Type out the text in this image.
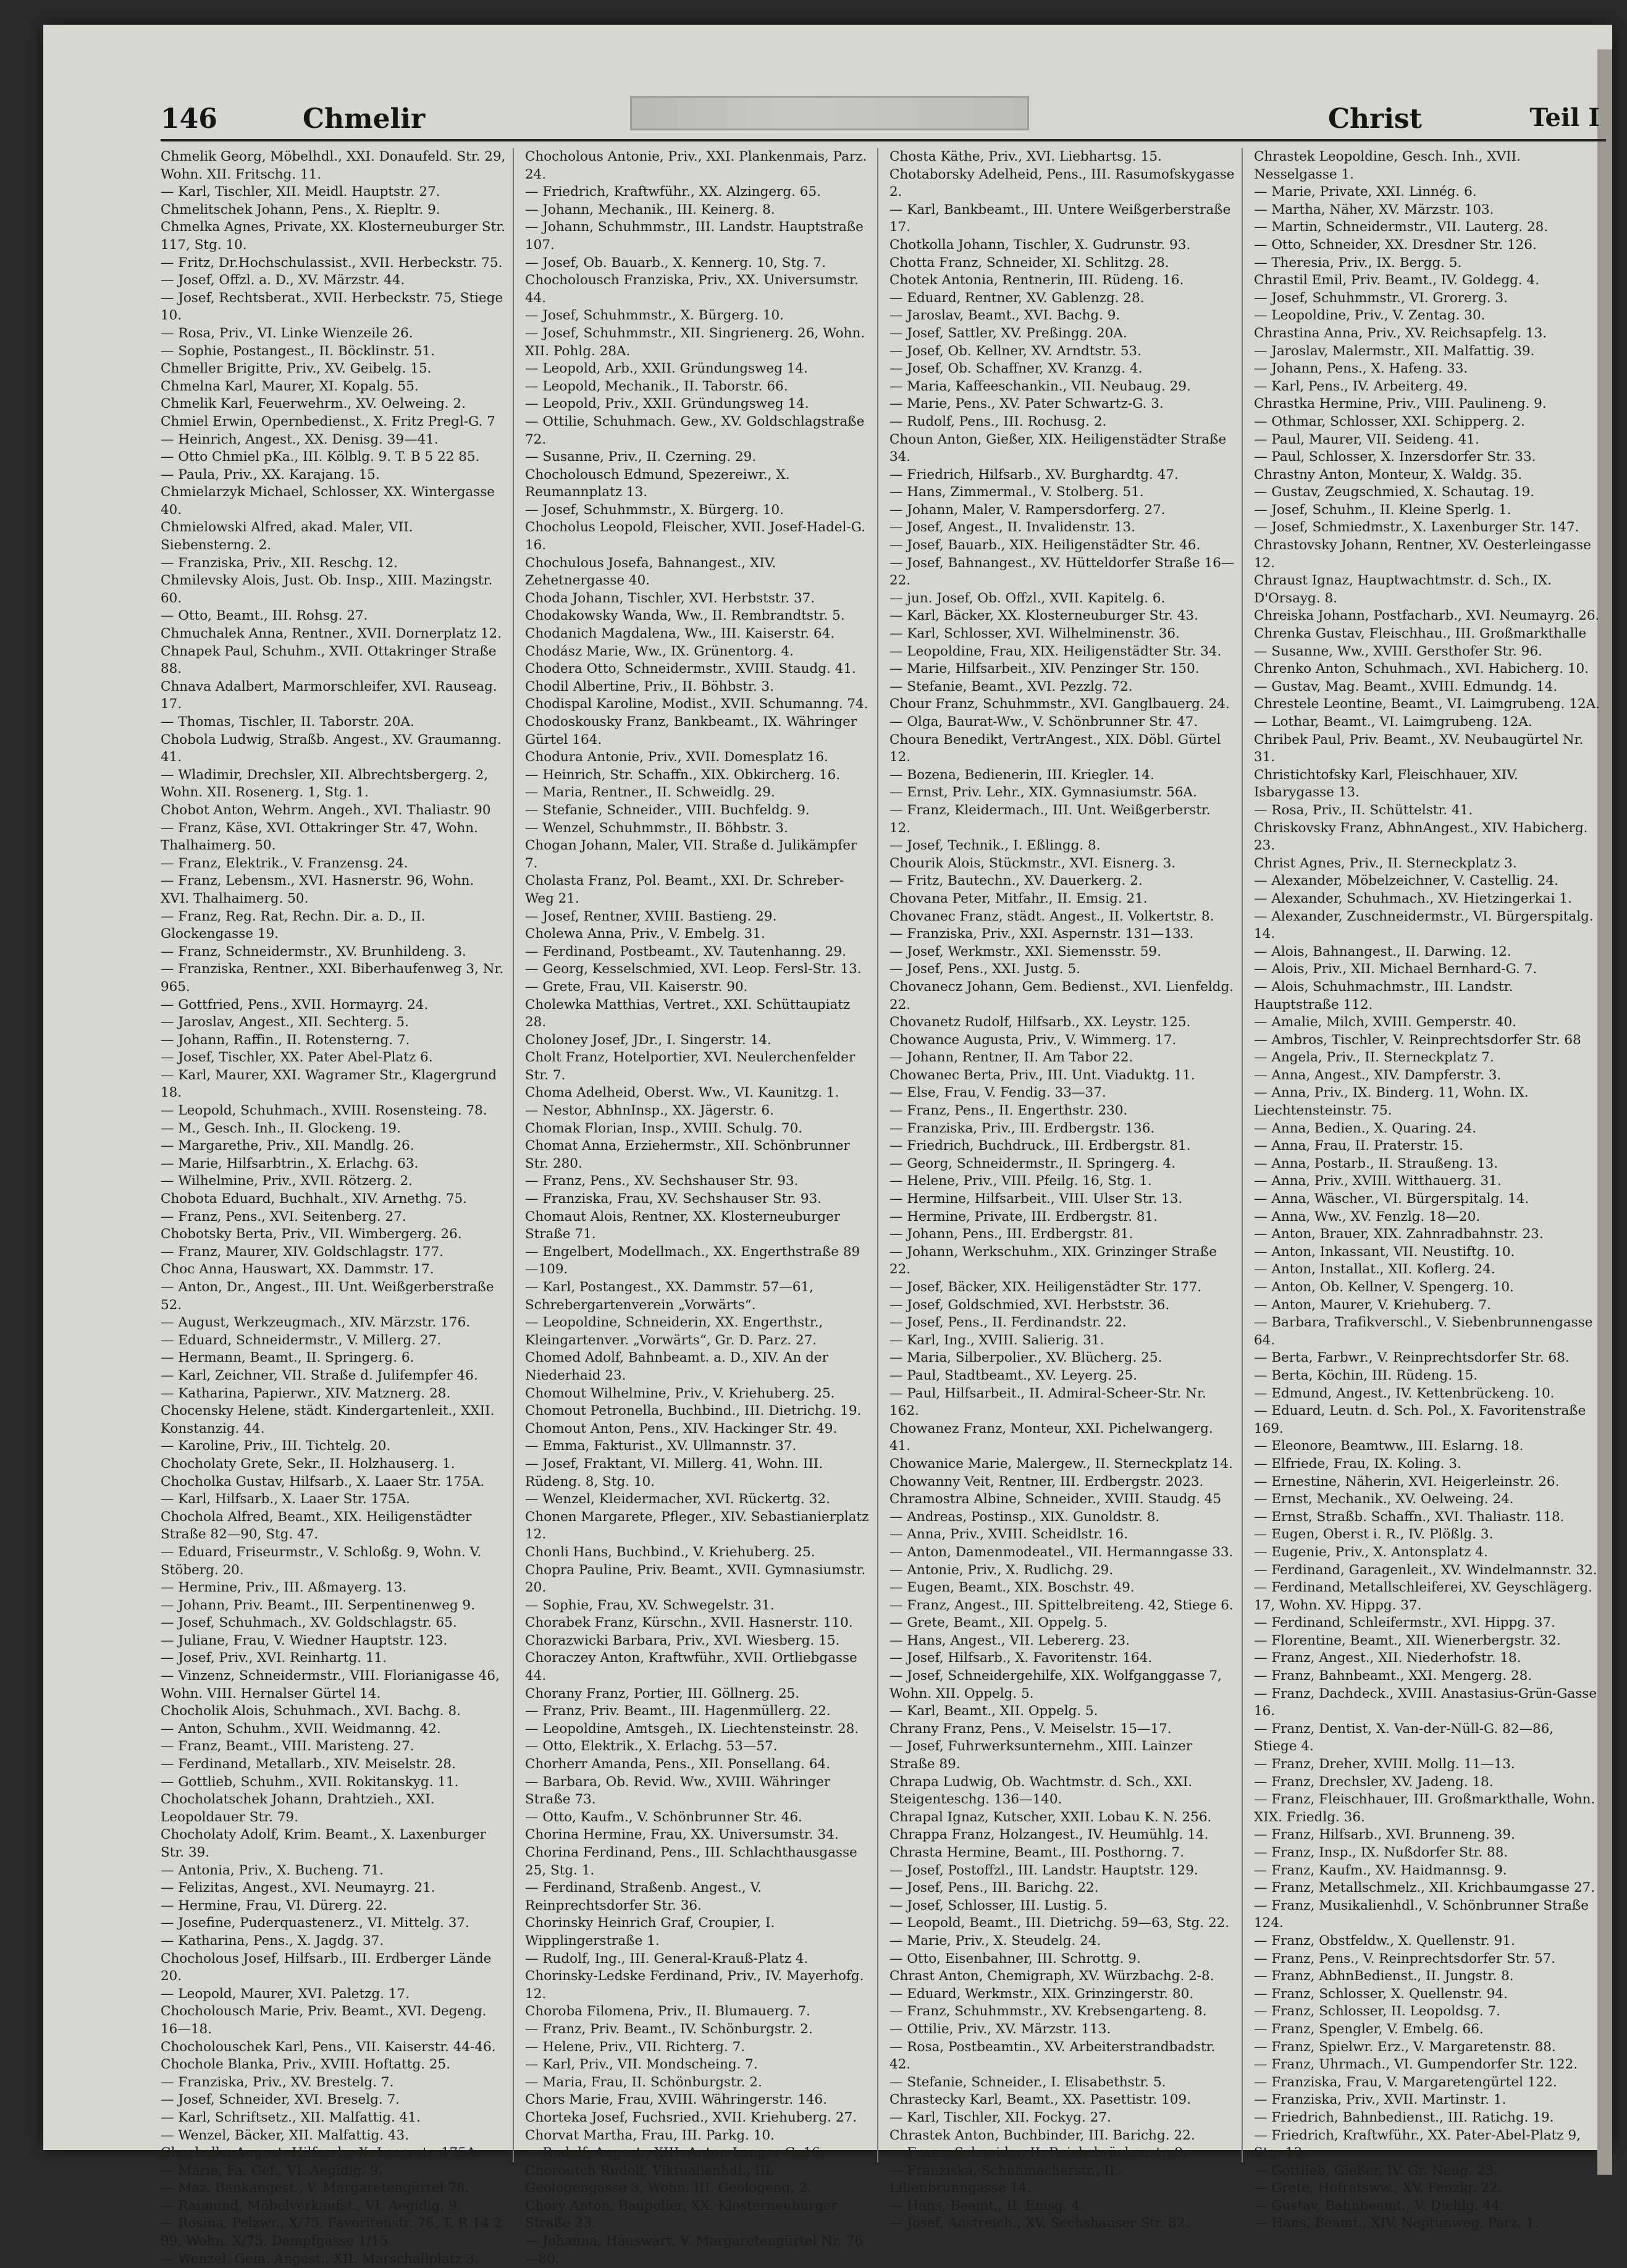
146	Chmelir	Christ	Teil I

Chmelik Georg, Möbelhdl., XXI. Donaufeld. Str. 29, Wohn. XII. Fritschg. 11.

— Karl, Tischler, XII. Meidl. Hauptstr. 27.

Chmelitschek Johann, Pens., X. Riepltr. 9.

Chmelka Agnes, Private, XX. Klosterneuburger Str. 117, Stg. 10.

— Fritz, Dr.Hochschulassist., XVII. Herbeckstr. 75.

— Josef, Offzl. a. D., XV. Märzstr. 44.

— Josef, Rechtsberat., XVII. Herbeckstr. 75, Stiege 10.

— Rosa, Priv., VI. Linke Wienzeile 26.

— Sophie, Postangest., II. Böcklinstr. 51.

Chmeller Brigitte, Priv., XV. Geibelg. 15.

Chmelna Karl, Maurer, XI. Kopalg. 55.

Chmelik Karl, Feuerwehrm., XV. Oelweing. 2.

Chmiel Erwin, Opernbedienst., X. Fritz Pregl-G. 7

— Heinrich, Angest., XX. Denisg. 39—41.

— Otto Chmiel pKa., III. Kölblg. 9. T. B 5 22 85.

— Paula, Priv., XX. Karajang. 15.

Chmielarzyk Michael, Schlosser, XX. Wintergasse 40.

Chmielowski Alfred, akad. Maler, VII. Siebensterng. 2.

— Franziska, Priv., XII. Reschg. 12.

Chmilevsky Alois, Just. Ob. Insp., XIII. Mazingstr. 60.

— Otto, Beamt., III. Rohsg. 27.

Chmuchalek Anna, Rentner., XVII. Dornerplatz 12.

Chnapek Paul, Schuhm., XVII. Ottakringer Straße 88.

Chnava Adalbert, Marmorschleifer, XVI. Rauseag. 17.

— Thomas, Tischler, II. Taborstr. 20A.

Chobola Ludwig, Straßb. Angest., XV. Graumanng. 41.

— Wladimir, Drechsler, XII. Albrechtsbergerg. 2, Wohn. XII. Rosenerg. 1, Stg. 1.

Chobot Anton, Wehrm. Angeh., XVI. Thaliastr. 90

— Franz, Käse, XVI. Ottakringer Str. 47, Wohn. Thalhaimerg. 50.

— Franz, Elektrik., V. Franzensg. 24.

— Franz, Lebensm., XVI. Hasnerstr. 96, Wohn. XVI. Thalhaimerg. 50.

— Franz, Reg. Rat, Rechn. Dir. a. D., II. Glockengasse 19.

— Franz, Schneidermstr., XV. Brunhildeng. 3.

— Franziska, Rentner., XXI. Biberhaufenweg 3, Nr. 965.

— Gottfried, Pens., XVII. Hormayrg. 24.

— Jaroslav, Angest., XII. Sechterg. 5.

— Johann, Raffin., II. Rotensterng. 7.

— Josef, Tischler, XX. Pater Abel-Platz 6.

— Karl, Maurer, XXI. Wagramer Str., Klagergrund 18.

— Leopold, Schuhmach., XVIII. Rosensteing. 78.

— M., Gesch. Inh., II. Glockeng. 19.

— Margarethe, Priv., XII. Mandlg. 26.

— Marie, Hilfsarbtrin., X. Erlachg. 63.

— Wilhelmine, Priv., XVII. Rötzerg. 2.

Chobota Eduard, Buchhalt., XIV. Arnethg. 75.

— Franz, Pens., XVI. Seitenberg. 27.

Chobotsky Berta, Priv., VII. Wimbergerg. 26.

— Franz, Maurer, XIV. Goldschlagstr. 177.

Choc Anna, Hauswart, XX. Dammstr. 17.

— Anton, Dr., Angest., III. Unt. Weißgerberstraße 52.

— August, Werkzeugmach., XIV. Märzstr. 176.

— Eduard, Schneidermstr., V. Millerg. 27.

— Hermann, Beamt., II. Springerg. 6.

— Karl, Zeichner, VII. Straße d. Julifempfer 46.

— Katharina, Papierwr., XIV. Matznerg. 28.

Chocensky Helene, städt. Kindergartenleit., XXII. Konstanzig. 44.

— Karoline, Priv., III. Tichtelg. 20.

Chocholaty Grete, Sekr., II. Holzhauserg. 1.

Chocholka Gustav, Hilfsarb., X. Laaer Str. 175A.

— Karl, Hilfsarb., X. Laaer Str. 175A.

Chochola Alfred, Beamt., XIX. Heiligenstädter Straße 82—90, Stg. 47.

— Eduard, Friseurmstr., V. Schloßg. 9, Wohn. V. Stöberg. 20.

— Hermine, Priv., III. Aßmayerg. 13.

— Johann, Priv. Beamt., III. Serpentinenweg 9.

— Josef, Schuhmach., XV. Goldschlagstr. 65.

— Juliane, Frau, V. Wiedner Hauptstr. 123.

— Josef, Priv., XVI. Reinhartg. 11.

— Vinzenz, Schneidermstr., VIII. Florianigasse 46, Wohn. VIII. Hernalser Gürtel 14.

Chocholik Alois, Schuhmach., XVI. Bachg. 8.

— Anton, Schuhm., XVII. Weidmanng. 42.

— Franz, Beamt., VIII. Maristeng. 27.

— Ferdinand, Metallarb., XIV. Meiselstr. 28.

— Gottlieb, Schuhm., XVII. Rokitanskyg. 11.

Chocholatschek Johann, Drahtzieh., XXI. Leopoldauer Str. 79.

Chocholaty Adolf, Krim. Beamt., X. Laxenburger Str. 39.

— Antonia, Priv., X. Bucheng. 71.

— Felizitas, Angest., XVI. Neumayrg. 21.

— Hermine, Frau, VI. Dürerg. 22.

— Josefine, Puderquastenerz., VI. Mittelg. 37.

— Katharina, Pens., X. Jagdg. 37.

Chocholous Josef, Hilfsarb., III. Erdberger Lände 20.

— Leopold, Maurer, XVI. Paletzg. 17.

Chocholousch Marie, Priv. Beamt., XVI. Degeng. 16—18.

Chocholouschek Karl, Pens., VII. Kaiserstr. 44-46.

Chochole Blanka, Priv., XVIII. Hoftattg. 25.

— Franziska, Priv., XV. Brestelg. 7.

— Josef, Schneider, XVI. Breselg. 7.

— Karl, Schriftsetz., XII. Malfattig. 41.

— Wenzel, Bäcker, XII. Malfattig. 43.

Chocholka August, Hilfsarb., X. Laaerstr. 175A.

— Marie, Fa. Gef., VI. Aegidig. 9.

— Maz. Bankangest., V. Margaretengürtel 78.

— Raimund, Möbelverkaufst., VI. Aegidig. 9.

— Rosina, Pelzwr., X/75. Favoritenstr. 76, T. R 14 2 99, Wohn. X/75. Dampfgasse 1/15.

— Wenzel, Gem. Angest., XII. Marschallplatz 3.

Chocholous Antonie, Priv., XXI. Plankenmais, Parz. 24.

— Friedrich, Kraftwführ., XX. Alzingerg. 65.

— Johann, Mechanik., III. Keinerg. 8.

— Johann, Schuhmmstr., III. Landstr. Hauptstraße 107.

— Josef, Ob. Bauarb., X. Kennerg. 10, Stg. 7.

Chocholousch Franziska, Priv., XX. Universumstr. 44.

— Josef, Schuhmmstr., X. Bürgerg. 10.

— Josef, Schuhmmstr., XII. Singrienerg. 26, Wohn. XII. Pohlg. 28A.

— Leopold, Arb., XXII. Gründungsweg 14.

— Leopold, Mechanik., II. Taborstr. 66.

— Leopold, Priv., XXII. Gründungsweg 14.

— Ottilie, Schuhmach. Gew., XV. Goldschlagstraße 72.

— Susanne, Priv., II. Czerning. 29.

Chocholousch Edmund, Spezereiwr., X. Reumannplatz 13.

— Josef, Schuhmmstr., X. Bürgerg. 10.

Chocholus Leopold, Fleischer, XVII. Josef-Hadel-G. 16.

Chochulous Josefa, Bahnangest., XIV. Zehetnergasse 40.

Choda Johann, Tischler, XVI. Herbststr. 37.

Chodakowsky Wanda, Ww., II. Rembrandtstr. 5.

Chodanich Magdalena, Ww., III. Kaiserstr. 64.

Chodász Marie, Ww., IX. Grünentorg. 4.

Chodera Otto, Schneidermstr., XVIII. Staudg. 41.

Chodil Albertine, Priv., II. Böhbstr. 3.

Chodispal Karoline, Modist., XVII. Schumanng. 74.

Chodoskousky Franz, Bankbeamt., IX. Währinger Gürtel 164.

Chodura Antonie, Priv., XVII. Domesplatz 16.

— Heinrich, Str. Schaffn., XIX. Obkircherg. 16.

— Maria, Rentner., II. Schweidlg. 29.

— Stefanie, Schneider., VIII. Buchfeldg. 9.

— Wenzel, Schuhmmstr., II. Böhbstr. 3.

Chogan Johann, Maler, VII. Straße d. Julikämpfer 7.

Cholasta Franz, Pol. Beamt., XXI. Dr. Schreber-Weg 21.

— Josef, Rentner, XVIII. Bastieng. 29.

Cholewa Anna, Priv., V. Embelg. 31.

— Ferdinand, Postbeamt., XV. Tautenhanng. 29.

— Georg, Kesselschmied, XVI. Leop. Fersl-Str. 13.

— Grete, Frau, VII. Kaiserstr. 90.

Cholewka Matthias, Vertret., XXI. Schüttaupiatz 28.

Choloney Josef, JDr., I. Singerstr. 14.

Cholt Franz, Hotelportier, XVI. Neulerchenfelder Str. 7.

Choma Adelheid, Oberst. Ww., VI. Kaunitzg. 1.

— Nestor, AbhnInsp., XX. Jägerstr. 6.

Chomak Florian, Insp., XVIII. Schulg. 70.

Chomat Anna, Erziehermstr., XII. Schönbrunner Str. 280.

— Franz, Pens., XV. Sechshauser Str. 93.

— Franziska, Frau, XV. Sechshauser Str. 93.

Chomaut Alois, Rentner, XX. Klosterneuburger Straße 71.

— Engelbert, Modellmach., XX. Engerthstraße 89—109.

— Karl, Postangest., XX. Dammstr. 57—61, Schrebergartenverein „Vorwärts“.

— Leopoldine, Schneiderin, XX. Engerthstr., Kleingartenver. „Vorwärts“, Gr. D. Parz. 27.

Chomed Adolf, Bahnbeamt. a. D., XIV. An der Niederhaid 23.

Chomout Wilhelmine, Priv., V. Kriehuberg. 25.

Chomout Petronella, Buchbind., III. Dietrichg. 19.

Chomout Anton, Pens., XIV. Hackinger Str. 49.

— Emma, Fakturist., XV. Ullmannstr. 37.

— Josef, Fraktant, VI. Millerg. 41, Wohn. III. Rüdeng. 8, Stg. 10.

— Wenzel, Kleidermacher, XVI. Rückertg. 32.

Chonen Margarete, Pfleger., XIV. Sebastianierplatz 12.

Chonli Hans, Buchbind., V. Kriehuberg. 25.

Chopra Pauline, Priv. Beamt., XVII. Gymnasiumstr. 20.

— Sophie, Frau, XV. Schwegelstr. 31.

Chorabek Franz, Kürschn., XVII. Hasnerstr. 110.

Chorazwicki Barbara, Priv., XVI. Wiesberg. 15.

Choraczey Anton, Kraftwführ., XVII. Ortliebgasse 44.

Chorany Franz, Portier, III. Göllnerg. 25.

— Franz, Priv. Beamt., III. Hagenmüllerg. 22.

— Leopoldine, Amtsgeh., IX. Liechtensteinstr. 28.

— Otto, Elektrik., X. Erlachg. 53—57.

Chorherr Amanda, Pens., XII. Ponsellang. 64.

— Barbara, Ob. Revid. Ww., XVIII. Währinger Straße 73.

— Otto, Kaufm., V. Schönbrunner Str. 46.

Chorina Hermine, Frau, XX. Universumstr. 34.

Chorina Ferdinand, Pens., III. Schlachthausgasse 25, Stg. 1.

— Ferdinand, Straßenb. Angest., V. Reinprechtsdorfer Str. 36.

Chorinsky Heinrich Graf, Croupier, I. Wipplingerstraße 1.

— Rudolf, Ing., III. General-Krauß-Platz 4.

Chorinsky-Ledske Ferdinand, Priv., IV. Mayerhofg. 12.

Choroba Filomena, Priv., II. Blumauerg. 7.

— Franz, Priv. Beamt., IV. Schönburgstr. 2.

— Helene, Priv., VII. Richterg. 7.

— Karl, Priv., VII. Mondscheing. 7.

— Maria, Frau, II. Schönburgstr. 2.

Chors Marie, Frau, XVIII. Währingerstr. 146.

Chorteka Josef, Fuchsried., XVII. Kriehuberg. 27.

Chorvat Martha, Frau, III. Parkg. 10.

— Rudolf, Angest., XIII. Anton-Langer-G. 16.

Choroutch Rudolf, Viktualienhdl., III. Geologengasse 3, Wohn. III. Geologeng. 2.

Chory Anton, Baupolier, XX. Klosterneuburger Straße 23.

— Johanna, Hauswart, V. Margaretengürtel Nr. 76—80.

Chosta Käthe, Priv., XVI. Liebhartsg. 15.

Chotaborsky Adelheid, Pens., III. Rasumofskygasse 2.

— Karl, Bankbeamt., III. Untere Weißgerberstraße 17.

Chotkolla Johann, Tischler, X. Gudrunstr. 93.

Chotta Franz, Schneider, XI. Schlitzg. 28.

Chotek Antonia, Rentnerin, III. Rüdeng. 16.

— Eduard, Rentner, XV. Gablenzg. 28.

— Jaroslav, Beamt., XVI. Bachg. 9.

— Josef, Sattler, XV. Preßingg. 20A.

— Josef, Ob. Kellner, XV. Arndtstr. 53.

— Josef, Ob. Schaffner, XV. Kranzg. 4.

— Maria, Kaffeeschankin., VII. Neubaug. 29.

— Marie, Pens., XV. Pater Schwartz-G. 3.

— Rudolf, Pens., III. Rochusg. 2.

Choun Anton, Gießer, XIX. Heiligenstädter Straße 34.

— Friedrich, Hilfsarb., XV. Burghardtg. 47.

— Hans, Zimmermal., V. Stolberg. 51.

— Johann, Maler, V. Rampersdorferg. 27.

— Josef, Angest., II. Invalidenstr. 13.

— Josef, Bauarb., XIX. Heiligenstädter Str. 46.

— Josef, Bahnangest., XV. Hütteldorfer Straße 16—22.

— jun. Josef, Ob. Offzl., XVII. Kapitelg. 6.

— Karl, Bäcker, XX. Klosterneuburger Str. 43.

— Karl, Schlosser, XVI. Wilhelminenstr. 36.

— Leopoldine, Frau, XIX. Heiligenstädter Str. 34.

— Marie, Hilfsarbeit., XIV. Penzinger Str. 150.

— Stefanie, Beamt., XVI. Pezzlg. 72.

Chour Franz, Schuhmmstr., XVI. Ganglbauerg. 24.

— Olga, Baurat-Ww., V. Schönbrunner Str. 47.

Choura Benedikt, VertrAngest., XIX. Döbl. Gürtel 12.

— Bozena, Bedienerin, III. Kriegler. 14.

— Ernst, Priv. Lehr., XIX. Gymnasiumstr. 56A.

— Franz, Kleidermach., III. Unt. Weißgerberstr. 12.

— Josef, Technik., I. Eßlingg. 8.

Chourik Alois, Stückmstr., XVI. Eisnerg. 3.

— Fritz, Bautechn., XV. Dauerkerg. 2.

Chovana Peter, Mitfahr., II. Emsig. 21.

Chovanec Franz, städt. Angest., II. Volkertstr. 8.

— Franziska, Priv., XXI. Aspernstr. 131—133.

— Josef, Werkmstr., XXI. Siemensstr. 59.

— Josef, Pens., XXI. Justg. 5.

Chovanecz Johann, Gem. Bedienst., XVI. Lienfeldg. 22.

Chovanetz Rudolf, Hilfsarb., XX. Leystr. 125.

Chowance Augusta, Priv., V. Wimmerg. 17.

— Johann, Rentner, II. Am Tabor 22.

Chowanec Berta, Priv., III. Unt. Viaduktg. 11.

— Else, Frau, V. Fendig. 33—37.

— Franz, Pens., II. Engerthstr. 230.

— Franziska, Priv., III. Erdbergstr. 136.

— Friedrich, Buchdruck., III. Erdbergstr. 81.

— Georg, Schneidermstr., II. Springerg. 4.

— Helene, Priv., VIII. Pfeilg. 16, Stg. 1.

— Hermine, Hilfsarbeit., VIII. Ulser Str. 13.

— Hermine, Private, III. Erdbergstr. 81.

— Johann, Pens., III. Erdbergstr. 81.

— Johann, Werkschuhm., XIX. Grinzinger Straße 22.

— Josef, Bäcker, XIX. Heiligenstädter Str. 177.

— Josef, Goldschmied, XVI. Herbststr. 36.

— Josef, Pens., II. Ferdinandstr. 22.

— Karl, Ing., XVIII. Salierig. 31.

— Maria, Silberpolier., XV. Blücherg. 25.

— Paul, Stadtbeamt., XV. Leyerg. 25.

— Paul, Hilfsarbeit., II. Admiral-Scheer-Str. Nr. 162.

Chowanez Franz, Monteur, XXI. Pichelwangerg. 41.

Chowanice Marie, Malergew., II. Sterneckplatz 14.

Chowanny Veit, Rentner, III. Erdbergstr. 2023.

Chramostra Albine, Schneider., XVIII. Staudg. 45

— Andreas, Postinsp., XIX. Gunoldstr. 8.

— Anna, Priv., XVIII. Scheidlstr. 16.

— Anton, Damenmodeatel., VII. Hermanngasse 33.

— Antonie, Priv., X. Rudlichg. 29.

— Eugen, Beamt., XIX. Boschstr. 49.

— Franz, Angest., III. Spittelbreiteng. 42, Stiege 6.

— Grete, Beamt., XII. Oppelg. 5.

— Hans, Angest., VII. Lebererg. 23.

— Josef, Hilfsarb., X. Favoritenstr. 164.

— Josef, Schneidergehilfe, XIX. Wolfganggasse 7, Wohn. XII. Oppelg. 5.

— Karl, Beamt., XII. Oppelg. 5.

Chrany Franz, Pens., V. Meiselstr. 15—17.

— Josef, Fuhrwerksunternehm., XIII. Lainzer Straße 89.

Chrapa Ludwig, Ob. Wachtmstr. d. Sch., XXI. Steigenteschg. 136—140.

Chrapal Ignaz, Kutscher, XXII. Lobau K. N. 256.

Chrappa Franz, Holzangest., IV. Heumühlg. 14.

Chrasta Hermine, Beamt., III. Posthorng. 7.

— Josef, Postoffzl., III. Landstr. Hauptstr. 129.

— Josef, Pens., III. Barichg. 22.

— Josef, Schlosser, III. Lustig. 5.

— Leopold, Beamt., III. Dietrichg. 59—63, Stg. 22.

— Marie, Priv., X. Steudelg. 24.

— Otto, Eisenbahner, III. Schrottg. 9.

Chrast Anton, Chemigraph, XV. Würzbachg. 2-8.

— Eduard, Werkmstr., XIX. Grinzingerstr. 80.

— Franz, Schuhmmstr., XV. Krebsengarteng. 8.

— Ottilie, Priv., XV. Märzstr. 113.

— Rosa, Postbeamtin., XV. Arbeiterstrandbadstr. 42.

— Stefanie, Schneider., I. Elisabethstr. 5.

Chrastecky Karl, Beamt., XX. Pasettistr. 109.

— Karl, Tischler, XII. Fockyg. 27.

Chrastek Anton, Buchbinder, III. Barichg. 22.

— Franz, Schneider, II. Reichsbrückenstr. 9.

— Franziska, Schuhmacherstr., II. Lilienbrunngasse 14.

— Hans, Beamt., II. Emsg. 4.

— Josef, Anstreich., XV. Sechshauser Str. 82.

Chrastek Leopoldine, Gesch. Inh., XVII. Nesselgasse 1.

— Marie, Private, XXI. Linnég. 6.

— Martha, Näher, XV. Märzstr. 103.

— Martin, Schneidermstr., VII. Lauterg. 28.

— Otto, Schneider, XX. Dresdner Str. 126.

— Theresia, Priv., IX. Bergg. 5.

Chrastil Emil, Priv. Beamt., IV. Goldegg. 4.

— Josef, Schuhmmstr., VI. Grorerg. 3.

— Leopoldine, Priv., V. Zentag. 30.

Chrastina Anna, Priv., XV. Reichsapfelg. 13.

— Jaroslav, Malermstr., XII. Malfattig. 39.

— Johann, Pens., X. Hafeng. 33.

— Karl, Pens., IV. Arbeiterg. 49.

Chrastka Hermine, Priv., VIII. Paulineng. 9.

— Othmar, Schlosser, XXI. Schipperg. 2.

— Paul, Maurer, VII. Seideng. 41.

— Paul, Schlosser, X. Inzersdorfer Str. 33.

Chrastny Anton, Monteur, X. Waldg. 35.

— Gustav, Zeugschmied, X. Schautag. 19.

— Josef, Schuhm., II. Kleine Sperlg. 1.

— Josef, Schmiedmstr., X. Laxenburger Str. 147.

Chrastovsky Johann, Rentner, XV. Oesterleingasse 12.

Chraust Ignaz, Hauptwachtmstr. d. Sch., IX. D'Orsayg. 8.

Chreiska Johann, Postfacharb., XVI. Neumayrg. 26.

Chrenka Gustav, Fleischhau., III. Großmarkthalle

— Susanne, Ww., XVIII. Gersthofer Str. 96.

Chrenko Anton, Schuhmach., XVI. Habicherg. 10.

— Gustav, Mag. Beamt., XVIII. Edmundg. 14.

Chrestele Leontine, Beamt., VI. Laimgrubeng. 12A.

— Lothar, Beamt., VI. Laimgrubeng. 12A.

Chribek Paul, Priv. Beamt., XV. Neubaugürtel Nr. 31.

Christichtofsky Karl, Fleischhauer, XIV. Isbarygasse 13.

— Rosa, Priv., II. Schüttelstr. 41.

Chriskovsky Franz, AbhnAngest., XIV. Habicherg. 23.

Christ Agnes, Priv., II. Sterneckplatz 3.

— Alexander, Möbelzeichner, V. Castellig. 24.

— Alexander, Schuhmach., XV. Hietzingerkai 1.

— Alexander, Zuschneidermstr., VI. Bürgerspitalg. 14.

— Alois, Bahnangest., II. Darwing. 12.

— Alois, Priv., XII. Michael Bernhard-G. 7.

— Alois, Schuhmachmstr., III. Landstr. Hauptstraße 112.

— Amalie, Milch, XVIII. Gemperstr. 40.

— Ambros, Tischler, V. Reinprechtsdorfer Str. 68

— Angela, Priv., II. Sterneckplatz 7.

— Anna, Angest., XIV. Dampferstr. 3.

— Anna, Priv., IX. Binderg. 11, Wohn. IX. Liechtensteinstr. 75.

— Anna, Bedien., X. Quaring. 24.

— Anna, Frau, II. Praterstr. 15.

— Anna, Postarb., II. Straußeng. 13.

— Anna, Priv., XVIII. Witthauerg. 31.

— Anna, Wäscher., VI. Bürgerspitalg. 14.

— Anna, Ww., XV. Fenzlg. 18—20.

— Anton, Brauer, XIX. Zahnradbahnstr. 23.

— Anton, Inkassant, VII. Neustiftg. 10.

— Anton, Installat., XII. Koflerg. 24.

— Anton, Ob. Kellner, V. Spengerg. 10.

— Anton, Maurer, V. Kriehuberg. 7.

— Barbara, Trafikverschl., V. Siebenbrunnengasse 64.

— Berta, Farbwr., V. Reinprechtsdorfer Str. 68.

— Berta, Köchin, III. Rüdeng. 15.

— Edmund, Angest., IV. Kettenbrückeng. 10.

— Eduard, Leutn. d. Sch. Pol., X. Favoritenstraße 169.

— Eleonore, Beamtww., III. Eslarng. 18.

— Elfriede, Frau, IX. Koling. 3.

— Ernestine, Näherin, XVI. Heigerleinstr. 26.

— Ernst, Mechanik., XV. Oelweing. 24.

— Ernst, Straßb. Schaffn., XVI. Thaliastr. 118.

— Eugen, Oberst i. R., IV. Plößlg. 3.

— Eugenie, Priv., X. Antonsplatz 4.

— Ferdinand, Garagenleit., XV. Windelmannstr. 32.

— Ferdinand, Metallschleiferei, XV. Geyschlägerg. 17, Wohn. XV. Hippg. 37.

— Ferdinand, Schleifermstr., XVI. Hippg. 37.

— Florentine, Beamt., XII. Wienerbergstr. 32.

— Franz, Angest., XII. Niederhofstr. 18.

— Franz, Bahnbeamt., XXI. Mengerg. 28.

— Franz, Dachdeck., XVIII. Anastasius-Grün-Gasse 16.

— Franz, Dentist, X. Van-der-Nüll-G. 82—86, Stiege 4.

— Franz, Dreher, XVIII. Mollg. 11—13.

— Franz, Drechsler, XV. Jadeng. 18.

— Franz, Fleischhauer, III. Großmarkthalle, Wohn. XIX. Friedlg. 36.

— Franz, Hilfsarb., XVI. Brunneng. 39.

— Franz, Insp., IX. Nußdorfer Str. 88.

— Franz, Kaufm., XV. Haidmannsg. 9.

— Franz, Metallschmelz., XII. Krichbaumgasse 27.

— Franz, Musikalienhdl., V. Schönbrunner Straße 124.

— Franz, Obstfeldw., X. Quellenstr. 91.

— Franz, Pens., V. Reinprechtsdorfer Str. 57.

— Franz, AbhnBedienst., II. Jungstr. 8.

— Franz, Schlosser, X. Quellenstr. 94.

— Franz, Schlosser, II. Leopoldsg. 7.

— Franz, Spengler, V. Embelg. 66.

— Franz, Spielwr. Erz., V. Margaretenstr. 88.

— Franz, Uhrmach., VI. Gumpendorfer Str. 122.

— Franziska, Frau, V. Margaretengürtel 122.

— Franziska, Priv., XVII. Martinstr. 1.

— Friedrich, Bahnbedienst., III. Ratichg. 19.

— Friedrich, Kraftwführ., XX. Pater-Abel-Platz 9, Stg. 13.

— Gottlieb, Gießer, IV. Gr. Neug. 23.

— Grete, Hofratsww., XV. Fenzlg. 22.

— Gustav, Bahnbeamt., V. Diehlg. 44.

— Hans, Beamt., XIV. Neptunweg, Parz. 1.
